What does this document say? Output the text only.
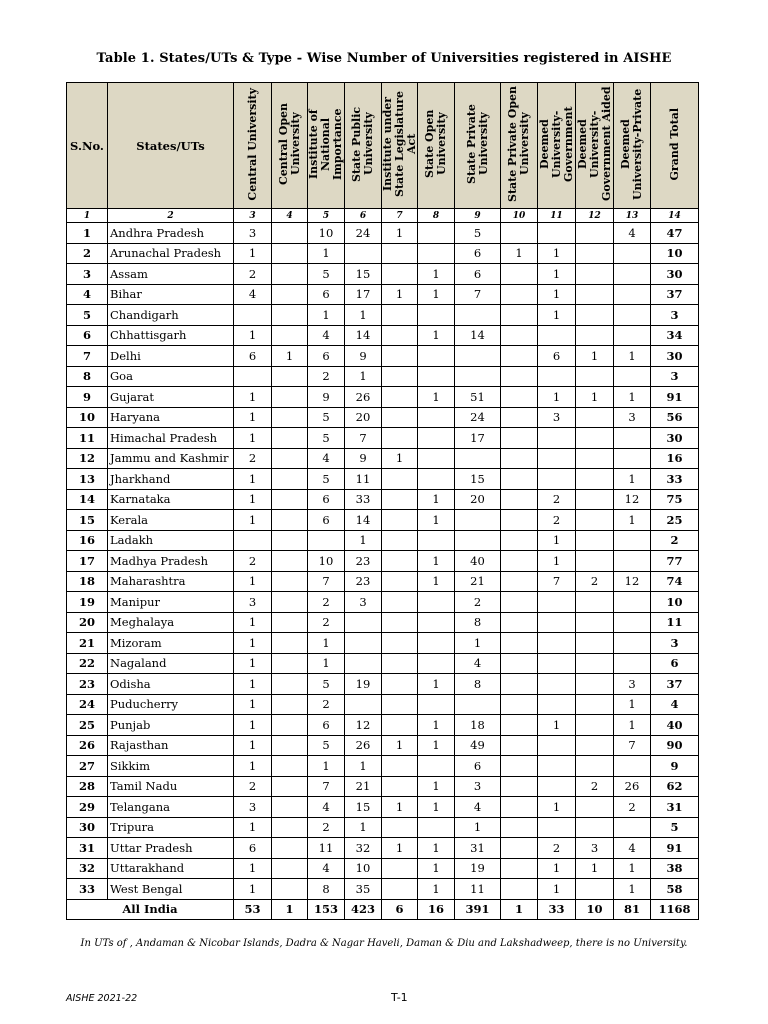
Table 1. States/UTs & Type - Wise Number of Universities registered in AISHE
S.No.	States/UTs	Central University	Central Open University	Institute of National Importance	State Public University	Institute under State Legislature Act	State Open University	State Private University	State Private Open University	Deemed University-Government	Deemed University-Government Aided	Deemed University-Private	Grand Total
1	2	3	4	5	6	7	8	9	10	11	12	13	14
1	Andhra Pradesh	3		10	24	1		5				4	47
2	Arunachal Pradesh	1		1				6	1	1			10
3	Assam	2		5	15		1	6		1			30
4	Bihar	4		6	17	1	1	7		1			37
5	Chandigarh			1	1					1			3
6	Chhattisgarh	1		4	14		1	14					34
7	Delhi	6	1	6	9					6	1	1	30
8	Goa			2	1								3
9	Gujarat	1		9	26		1	51		1	1	1	91
10	Haryana	1		5	20			24		3		3	56
11	Himachal Pradesh	1		5	7			17					30
12	Jammu and Kashmir	2		4	9	1							16
13	Jharkhand	1		5	11			15				1	33
14	Karnataka	1		6	33		1	20		2		12	75
15	Kerala	1		6	14		1			2		1	25
16	Ladakh				1					1			2
17	Madhya Pradesh	2		10	23		1	40		1			77
18	Maharashtra	1		7	23		1	21		7	2	12	74
19	Manipur	3		2	3			2					10
20	Meghalaya	1		2				8					11
21	Mizoram	1		1				1					3
22	Nagaland	1		1				4					6
23	Odisha	1		5	19		1	8				3	37
24	Puducherry	1		2								1	4
25	Punjab	1		6	12		1	18		1		1	40
26	Rajasthan	1		5	26	1	1	49				7	90
27	Sikkim	1		1	1			6					9
28	Tamil Nadu	2		7	21		1	3			2	26	62
29	Telangana	3		4	15	1	1	4		1		2	31
30	Tripura	1		2	1			1					5
31	Uttar Pradesh	6		11	32	1	1	31		2	3	4	91
32	Uttarakhand	1		4	10		1	19		1	1	1	38
33	West Bengal	1		8	35		1	11		1		1	58
All India		53	1	153	423	6	16	391	1	33	10	81	1168
In UTs of , Andaman & Nicobar Islands, Dadra & Nagar Haveli, Daman & Diu and Lakshadweep, there is no University.
AISHE 2021-22	T-1
